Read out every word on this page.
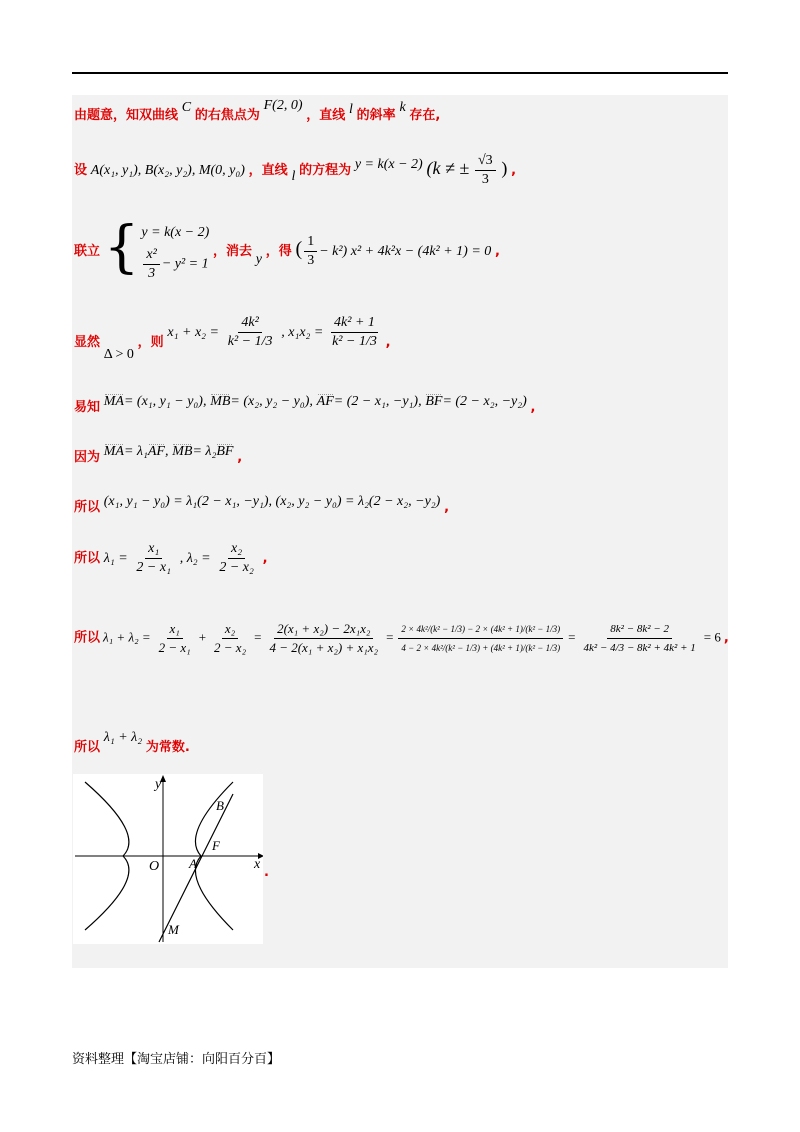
由题意，知双曲线 C 的右焦点为 F(2, 0) ，直线 l 的斜率 k 存在,
设 A(x₁, y₁), B(x₂, y₂), M(0, y₀) ，直线 l 的方程为 y = k(x − 2) (k ≠ ± $\frac{√3}{3}$ ) ,
联立 { y = k(x − 2)
$\frac{\text{x²}}{3} - y^2 = 1$
，消去 y ，得 ( $\frac{1}{3} - k^2$) x² + 4k²x − (4k² + 1) = 0 ,
显然 Δ > 0 ，则 $x_1 + x_2 = \frac{\text{4k²}}{\text{k² − 1/3}}$ , $x_1x_2 = \frac{\text{4k² + 1}}{\text{k² − 1/3}}$ ,
易知 MA= (x₁, y₁ − y₀), MB= (x₂, y₂ − y₀), AF= (2 − x₁, −y₁), BF= (2 − x₂, −y₂) ,
因为 MA= λ₁AF, MB= λ₂BF ,
所以 (x₁, y₁ − y₀) = λ₁(2 − x₁, −y₁), (x₂, y₂ − y₀) = λ₂(2 − x₂, −y₂) ,
所以 $\lambda_1 = \frac{\text{x₁}}{\text{2 − x₁}}$ , $\lambda_2 = \frac{\text{x₂}}{\text{2 − x₂}}$ ,
所以 $\lambda_1 + \lambda_2 = \frac{\text{x₁}}{\text{2 − x₁}} + \frac{\text{x₂}}{\text{2 − x₂}} = \frac{\text{2(x₁ + x₂) − 2x₁x₂}}{\text{4 − 2(x₁ + x₂) + x₁x₂}} = \frac{\text{2 × 4k²/(k² − 1/3) − 2 × (4k² + 1)/(k² − 1/3)}}{\text{4 − 2 × 4k²/(k² − 1/3) + (4k² + 1)/(k² − 1/3)}} = \frac{\text{8k² − 8k² − 2}}{\text{4k² − 4/3 − 8k² + 4k² + 1}} = 6$ ,
所以 λ₁ + λ₂ 为常数.
y
x
O A
F
B
M
.
资料整理【淘宝店铺：向阳百分百】
